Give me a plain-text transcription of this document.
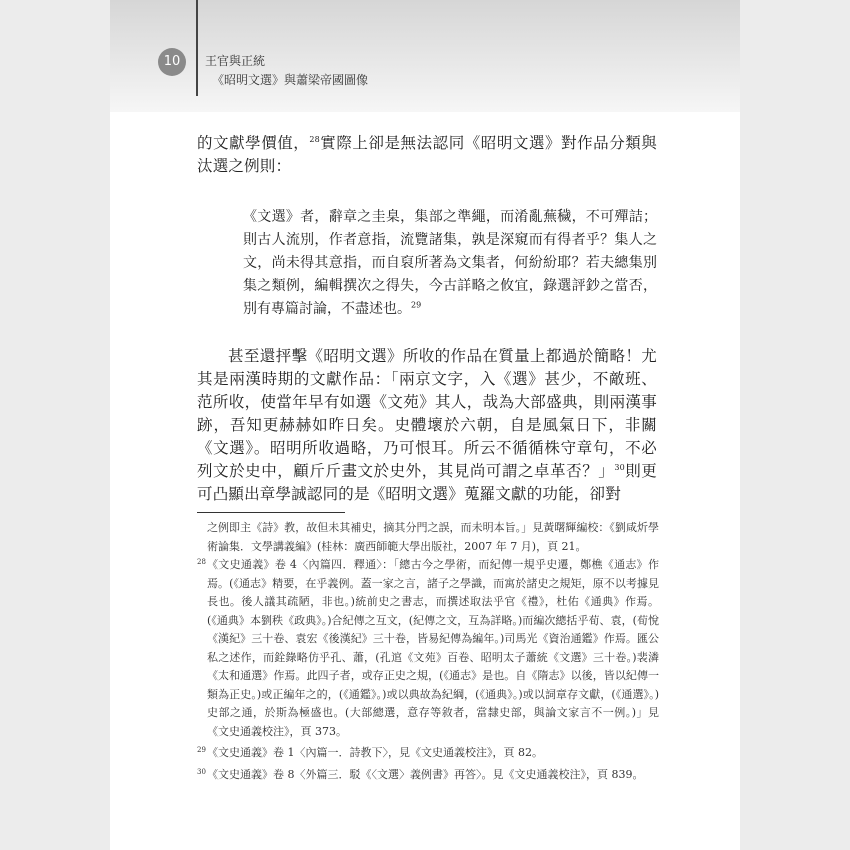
10	王官與正統
《昭明文選》與蕭梁帝國圖像
的文獻學價值，$^{28}$實際上卻是無法認同《昭明文選》對作品分類與汰選之例則：
《文選》者，辭章之圭臬，集部之準繩，而淆亂蕪穢，不可殫詰；則古人流別，作者意指，流覽諸集，孰是深窺而有得者乎？集人之文，尚未得其意指，而自裒所著為文集者，何紛紛耶？若夫總集別集之類例，編輯撰次之得失，今古詳略之攸宜，錄選評鈔之當否，別有專篇討論，不盡述也。$^{29}$
甚至還抨擊《昭明文選》所收的作品在質量上都過於簡略！尤其是兩漢時期的文獻作品：「兩京文字，入《選》甚少，不敵班、范所收，使當年早有如選《文苑》其人，哉為大部盛典，則兩漢事跡，吾知更赫赫如昨日矣。史體壞於六朝，自是風氣日下，非關《文選》。昭明所收過略，乃可恨耳。所云不循循株守章句，不必列文於史中，顧斤斤畫文於史外，其見尚可謂之卓革否？」$^{30}$則更可凸顯出章學誠認同的是《昭明文選》蒐羅文獻的功能，卻對
之例即主《詩》教，故但未其補史，摘其分門之誤，而未明本旨。」見黃曙輝編校：《劉咸炘學術論集．文學講義編》(桂林：廣西師範大學出版社，2007 年 7 月)，頁 21。
28 《文史通義》卷 4〈內篇四．釋通〉：「總古今之學術，而紀傳一規乎史遷，鄭樵《通志》作焉。(《通志》精要，在乎義例。蓋一家之言，諸子之學識，而寓於諸史之規矩，原不以考據見長也。後人議其疏陋，非也。)統前史之書志，而撰述取法乎官《禮》，杜佑《通典》作焉。(《通典》本劉秩《政典》。)合紀傳之互文，(紀傳之文，互為詳略。)而編次總括乎荀、袁，(荀悅《漢紀》三十卷、袁宏《後漢紀》三十卷，皆易紀傳為編年。)司馬光《資治通鑑》作焉。匯公私之述作，而銓錄略仿乎孔、蕭，(孔逭《文苑》百卷、昭明太子蕭統《文選》三十卷。)裴潾《太和通選》作焉。此四子者，或存正史之規，(《通志》是也。自《隋志》以後，皆以紀傳一類為正史。)或正編年之的，(《通鑑》。)或以典故為紀綱，(《通典》。)或以詞章存文獻，(《通選》。)史部之通，於斯為極盛也。(大部總選，意存等敘者，當隸史部，與論文家言不一例。)」見《文史通義校注》，頁 373。
29 《文史通義》卷 1〈內篇一．詩教下〉，見《文史通義校注》，頁 82。
30 《文史通義》卷 8〈外篇三．駁《〈文選〉義例書》再答〉。見《文史通義校注》，頁 839。
